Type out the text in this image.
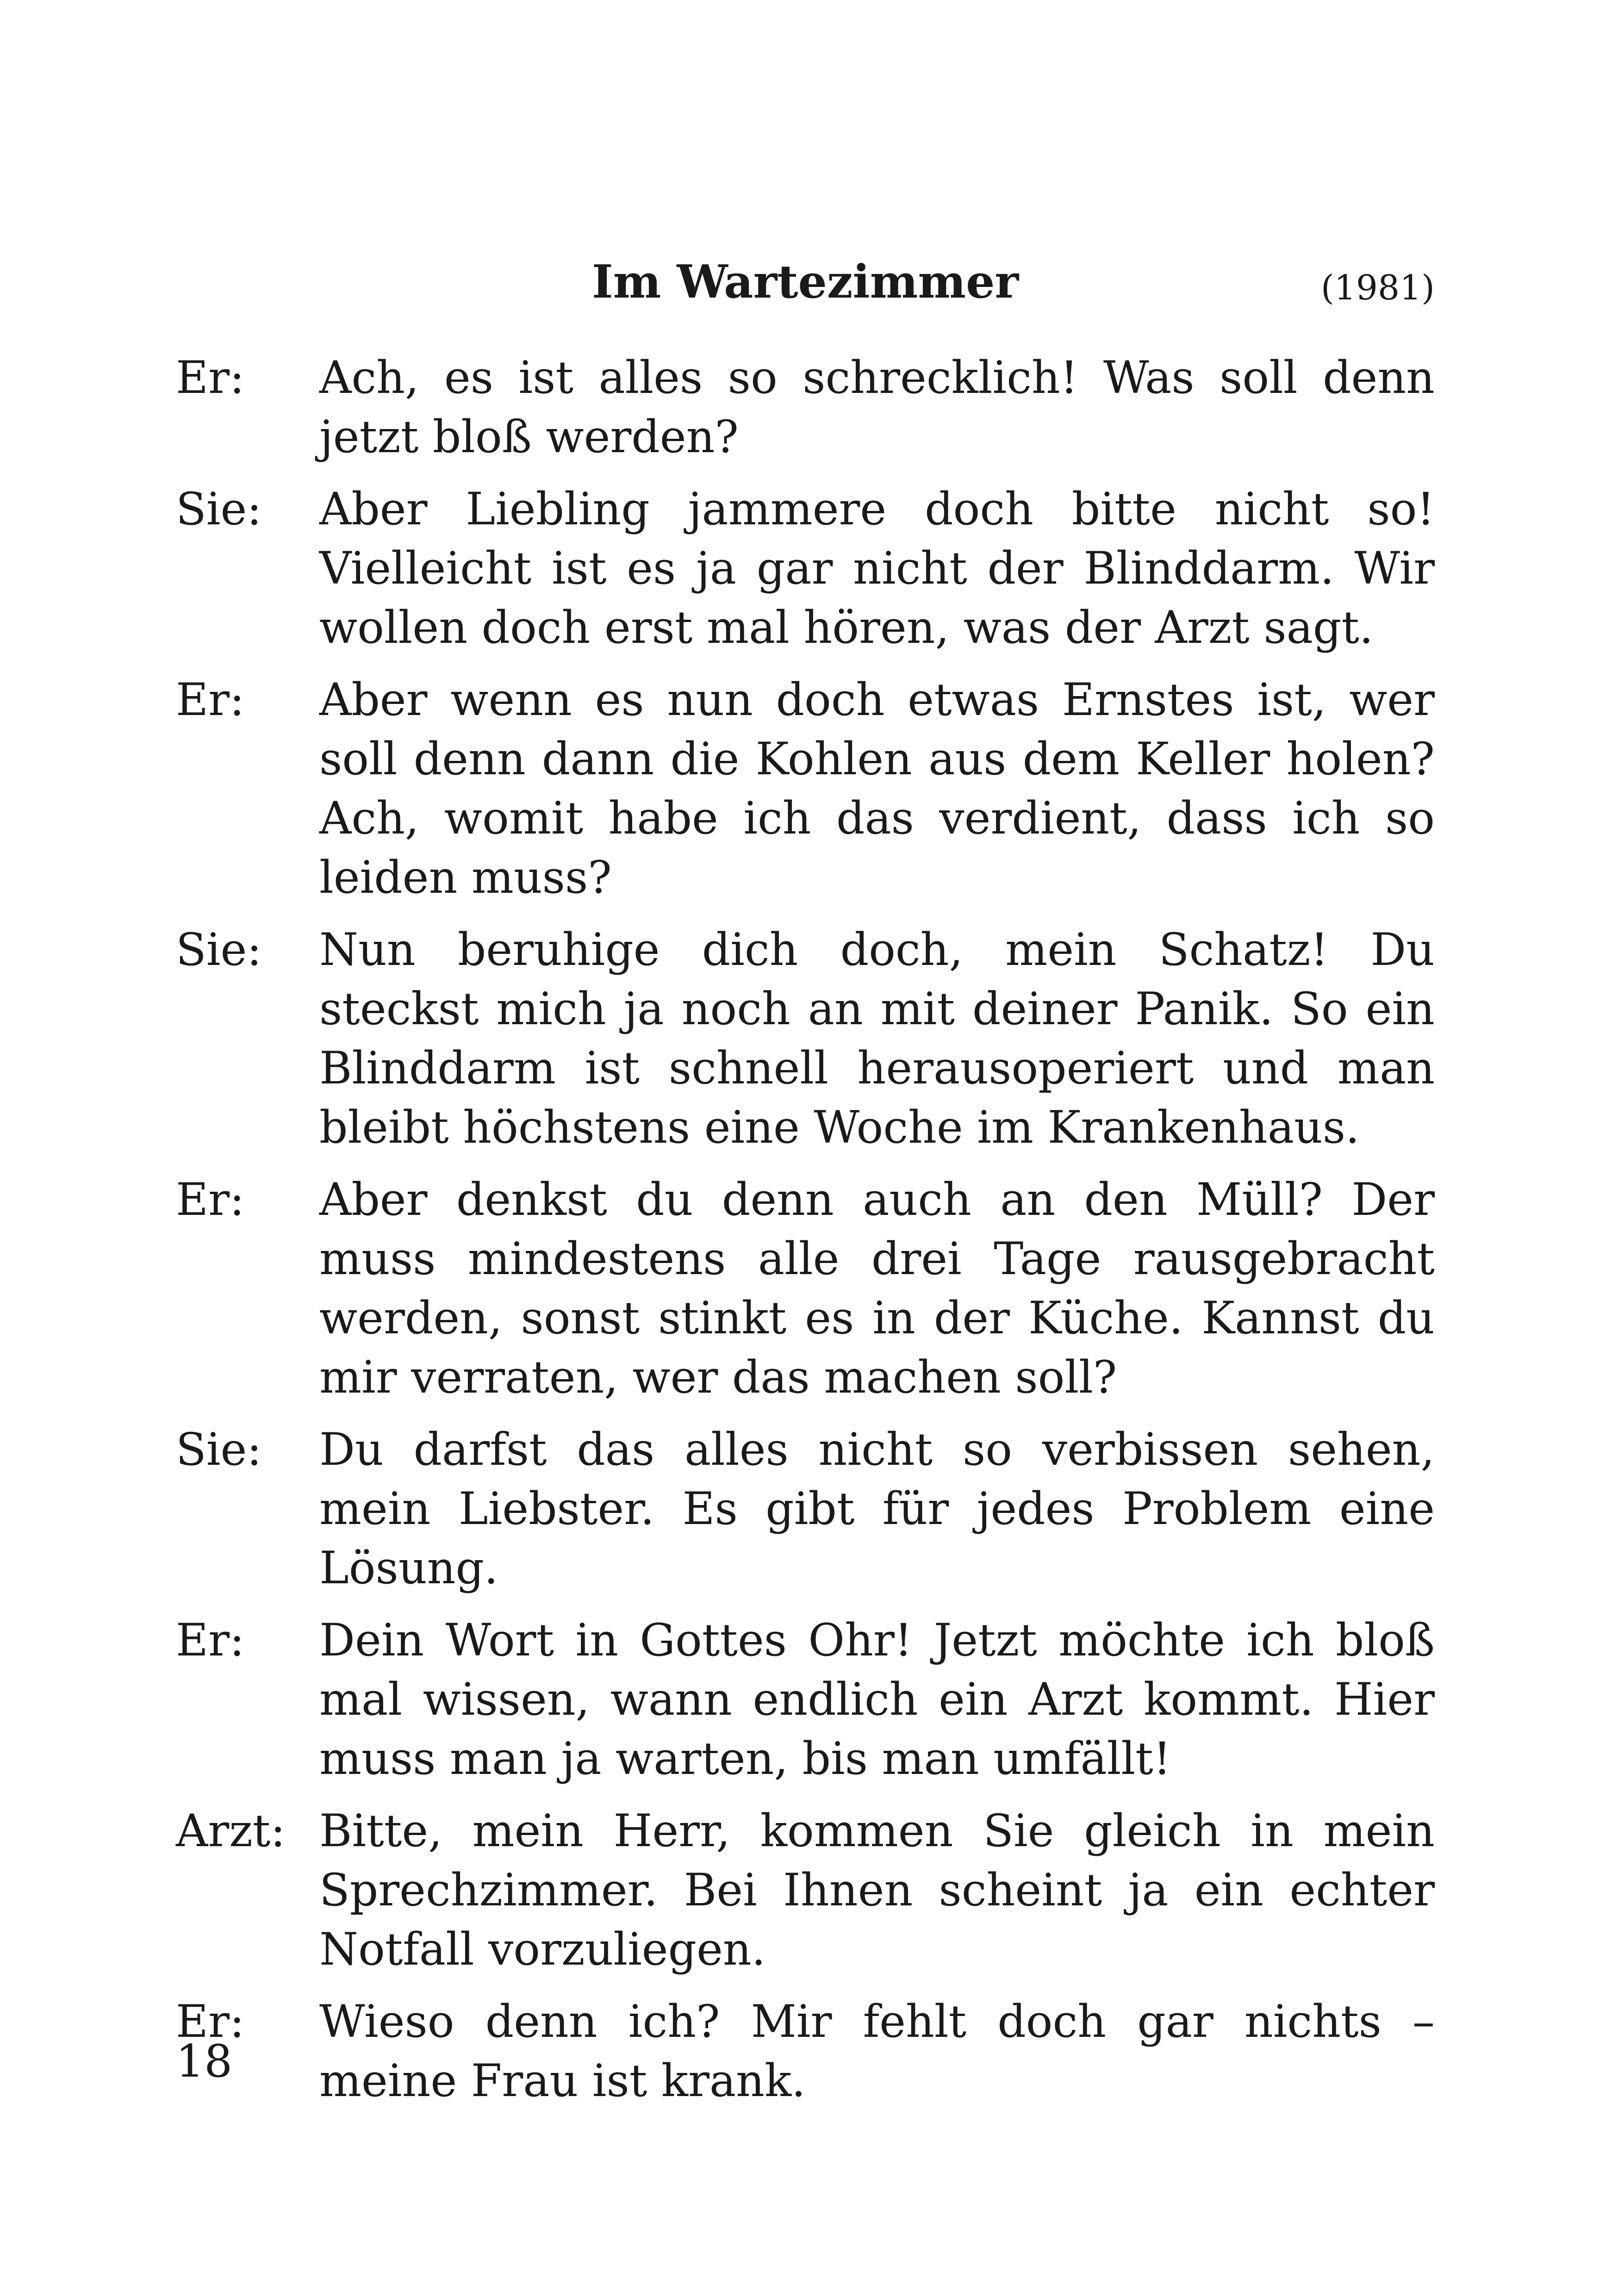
Im Wartezimmer	(1981)
Er:	Ach, es ist alles so schrecklich! Was soll denn jetzt bloß werden?
Sie:	Aber Liebling jammere doch bitte nicht so! Vielleicht ist es ja gar nicht der Blinddarm. Wir wollen doch erst mal hören, was der Arzt sagt.
Er:	Aber wenn es nun doch etwas Ernstes ist, wer soll denn dann die Kohlen aus dem Keller holen? Ach, womit habe ich das verdient, dass ich so leiden muss?
Sie:	Nun beruhige dich doch, mein Schatz! Du steckst mich ja noch an mit deiner Panik. So ein Blinddarm ist schnell herausoperiert und man bleibt höchstens eine Woche im Krankenhaus.
Er:	Aber denkst du denn auch an den Müll? Der muss mindestens alle drei Tage rausgebracht werden, sonst stinkt es in der Küche. Kannst du mir verraten, wer das machen soll?
Sie:	Du darfst das alles nicht so verbissen sehen, mein Liebster. Es gibt für jedes Problem eine Lösung.
Er:	Dein Wort in Gottes Ohr! Jetzt möchte ich bloß mal wissen, wann endlich ein Arzt kommt. Hier muss man ja warten, bis man umfällt!
Arzt: Bitte, mein Herr, kommen Sie gleich in mein Sprechzimmer. Bei Ihnen scheint ja ein echter Notfall vorzuliegen.
Er:	Wieso denn ich? Mir fehlt doch gar nichts – meine Frau ist krank.
18
